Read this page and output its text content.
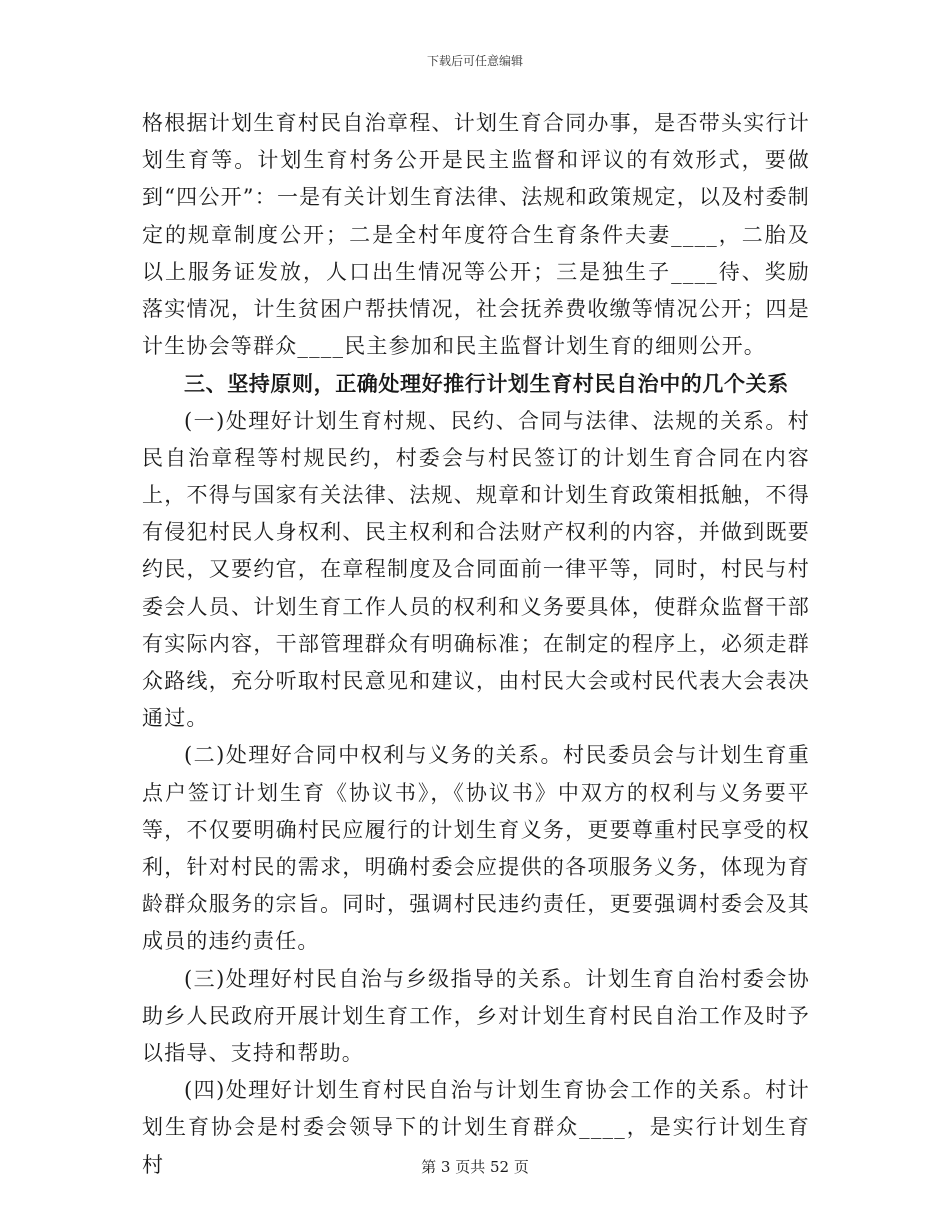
下载后可任意编辑

格根据计划生育村民自治章程、计划生育合同办事，是否带头实行计划生育等。计划生育村务公开是民主监督和评议的有效形式，要做到“四公开”：一是有关计划生育法律、法规和政策规定，以及村委制定的规章制度公开；二是全村年度符合生育条件夫妻____，二胎及以上服务证发放，人口出生情况等公开；三是独生子____待、奖励落实情况，计生贫困户帮扶情况，社会抚养费收缴等情况公开；四是计生协会等群众____民主参加和民主监督计划生育的细则公开。

三、坚持原则，正确处理好推行计划生育村民自治中的几个关系

(一)处理好计划生育村规、民约、合同与法律、法规的关系。村民自治章程等村规民约，村委会与村民签订的计划生育合同在内容上，不得与国家有关法律、法规、规章和计划生育政策相抵触，不得有侵犯村民人身权利、民主权利和合法财产权利的内容，并做到既要约民，又要约官，在章程制度及合同面前一律平等，同时，村民与村委会人员、计划生育工作人员的权利和义务要具体，使群众监督干部有实际内容，干部管理群众有明确标准；在制定的程序上，必须走群众路线，充分听取村民意见和建议，由村民大会或村民代表大会表决通过。

(二)处理好合同中权利与义务的关系。村民委员会与计划生育重点户签订计划生育《协议书》，《协议书》中双方的权利与义务要平等，不仅要明确村民应履行的计划生育义务，更要尊重村民享受的权利，针对村民的需求，明确村委会应提供的各项服务义务，体现为育龄群众服务的宗旨。同时，强调村民违约责任，更要强调村委会及其成员的违约责任。

(三)处理好村民自治与乡级指导的关系。计划生育自治村委会协助乡人民政府开展计划生育工作，乡对计划生育村民自治工作及时予以指导、支持和帮助。

(四)处理好计划生育村民自治与计划生育协会工作的关系。村计划生育协会是村委会领导下的计划生育群众____，是实行计划生育村	第 3 页共 52 页
